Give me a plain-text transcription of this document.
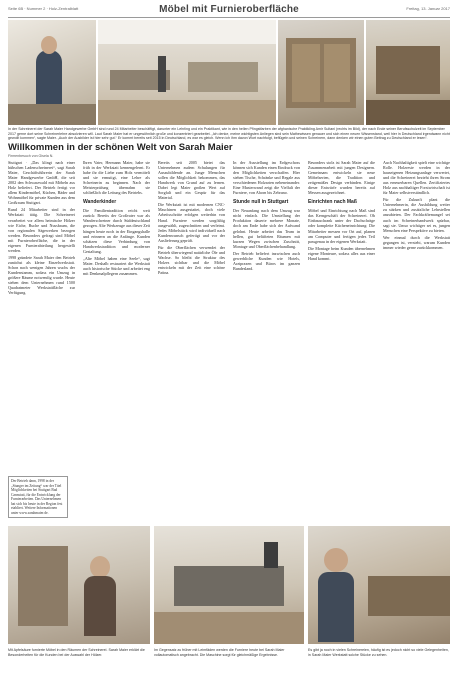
Seite 6B · Nummer 2 · Holz-Zentralblatt	Möbel mit Furnieroberfläche	Freitag, 13. Januar 2017
In der Schreinerei der Sarah Maier Handgewerbe GmbH sind rund 24 Mitarbeiter beschäftigt, darunter ein Lehrling und ein Praktikant, wie in den hellen Pfingstfarben der afghanische Praktikling Amir Sultani (rechts im Bild), der nach Ende seiner Berufsschulzeit im September 2017 gerne dort seine Schreinerlehre absolvieren will. Laut Sarah Maier hat er ungewöhnlich große und konzentriert gearbeitet. „Ich denke, meine wichtigsten Anliegen sind sein Mathewissen genauer und sich einen neuen Wissenstand, weil hier in Deutschland irgendwann nicht gewollt kommen“, sagte Maier. „Auch der Ausbilder ist hier sehr gut.“ Er kommt bereits seit 2015 in Deutschland, es war es gleich. Wenn ich ihm davon Wort nachfolgt, beflügeln und seinen Schreinern, dann denken wir einen guten Beitrag zu Deutschland er lesen“.
Willkommen in der schönen Welt von Sarah Maier
Firmenbesuch von Gisela N.

Stuttgart · „Das klingt nach einer hübschen Ladenschreinerei“, sagt Sarah Maier, Geschäftsführerin der Sarah Maier Handgewerbe GmbH, die seit 2002 den Schwarzwald mit Möbeln aus Holz beliefert. Der Betrieb fertigt vor allem Kindermöbel, Küchen, Bäder und Wohnmöbel für private Kunden aus dem Großraum Stuttgart.

Rund 24 Mitarbeiter sind in der Werkstatt tätig. Die Schreinerei verarbeitet vor allem heimische Hölzer wie Eiche, Buche und Nussbaum, die von regionalen Sägewerken bezogen werden. Besonders gefragt sind Möbel mit Furnieroberfläche, die in der eigenen Furnierabteilung hergestellt werden.

1998 gründete Sarah Maier den Betrieb zunächst als kleine Einzelwerkstatt. Schon nach wenigen Jahren wuchs der Kundenstamm, sodass ein Umzug in größere Räume notwendig wurde. Heute stehen dem Unternehmen rund 1500 Quadratmeter Werkstattfläche zur Verfügung.

Ihren Vater, Hermann Maier, habe sie früh in der Werkstatt kennengelernt. Er habe ihr die Liebe zum Holz vermittelt und sie ermutigt, eine Lehre als Schreinerin zu beginnen. Nach der Meisterprüfung übernahm sie schließlich die Leitung des Betriebs.

Wanderkinder

Die Familientradition reicht weit zurück: Bereits der Großvater war als Wanderschreiner durch Süddeutschland gezogen. Alte Werkzeuge aus dieser Zeit hängen heute noch in der Eingangshalle und erinnern an die Anfänge. Kunden schätzen diese Verbindung von Handwerkstradition und moderner Gestaltung.

„Alte Möbel haben eine Seele“, sagt Maier. Deshalb restauriert die Werkstatt auch historische Stücke und arbeitet eng mit Denkmalpflegern zusammen.

Bereits seit 2005 bietet das Unternehmen zudem Schulungen für Auszubildende an. Junge Menschen sollen die Möglichkeit bekommen, das Handwerk von Grund auf zu lernen. Dabei legt Maier großen Wert auf Sorgfalt und ein Gespür für das Material.

Die Werkstatt ist mit modernen CNC-Maschinen ausgestattet, doch viele Arbeitsschritte erfolgen weiterhin von Hand. Furniere werden sorgfältig ausgewählt, zugeschnitten und verleimt. Jedes Möbelstück wird individuell nach Kundenwunsch gefertigt und vor der Auslieferung geprüft.

Für die Oberflächen verwendet der Betrieb überwiegend natürliche Öle und Wachse. So bleibt die Struktur des Holzes sichtbar und die Möbel entwickeln mit der Zeit eine schöne Patina.

In der Ausstellung im Erdgeschoss können sich Kunden einen Eindruck von den Möglichkeiten verschaffen. Hier stehen Tische, Schränke und Regale aus verschiedenen Holzarten nebeneinander. Eine Musterwand zeigt die Vielfalt der Furniere, von Ahorn bis Zebrano.

Stunde null in Stuttgart

Der Neuanfang nach dem Umzug war nicht einfach. Die Umstellung der Produktion dauerte mehrere Monate, doch am Ende habe sich der Aufwand gelohnt. Heute arbeitet das Team in hellen, gut belüfteten Räumen mit kurzen Wegen zwischen Zuschnitt, Montage und Oberflächenbehandlung.

Der Betrieb beliefert inzwischen auch gewerbliche Kunden wie Hotels, Arztpraxen und Büros im ganzen Bundesland.

Besonders stolz ist Sarah Maier auf die Zusammenarbeit mit jungen Designern. Gemeinsam entwickeln sie neue Möbelserien, die Tradition und zeitgemäßes Design verbinden. Einige dieser Entwürfe wurden bereits auf Messen ausgezeichnet.

Einrichten nach Maß

Möbel und Einrichtung nach Maß sind das Kerngeschäft der Schreinerei. Ob Einbauschrank unter der Dachschräge oder komplette Kücheneinrichtung: Die Mitarbeiter messen vor Ort auf, planen am Computer und fertigen jedes Teil passgenau in der eigenen Werkstatt.

Die Montage beim Kunden übernehmen eigene Monteure, sodass alles aus einer Hand kommt.

Auch Nachhaltigkeit spielt eine wichtige Rolle. Holzreste werden in der hauseigenen Heizungsanlage verwertet, und die Schreinerei bezieht ihren Strom aus erneuerbaren Quellen. Zertifiziertes Holz aus nachhaltiger Forstwirtschaft ist für Maier selbstverständlich.

Für die Zukunft plant die Unternehmerin, die Ausbildung weiter zu stärken und zusätzliche Lehrstellen anzubieten. Der Fachkräftemangel sei auch im Schreinerhandwerk spürbar, sagt sie. Umso wichtiger sei es, jungen Menschen eine Perspektive zu bieten.

Wer einmal durch die Werkstatt gegangen ist, versteht, warum Kunden immer wieder gerne zurückkommen.

Der Betrieb dann, 1998 in der „Stunger im Zeitung“ war der Titel Möglichkeiten bei Stuttgart Bad Cannstatt, für die Entwicklung der Furnierarbeiten. Das Unternehmen hat sich bis heute in der Region fest etabliert. Weitere Informationen unter www.sarahmaier.de.

Mit Apfelsäure furnierte Möbel in den Räumen der Schreinerei. Sarah Maier erklärt die Besonderheiten für die Kunden bei der Auswahl der Hölzer.
Im Gegensatz zu früher mit Leimfäden werden die Furniere heute bei Sarah Maier vollautomatisch angebracht. Die Maschine sorgt für gleichmäßige Ergebnisse.
Es gibt ja noch in vielen Schreinereien, häufig ist es jedoch nicht so viele Gelegenheiten, in Sarah Maier Werkstatt solche Stücke zu sehen.
